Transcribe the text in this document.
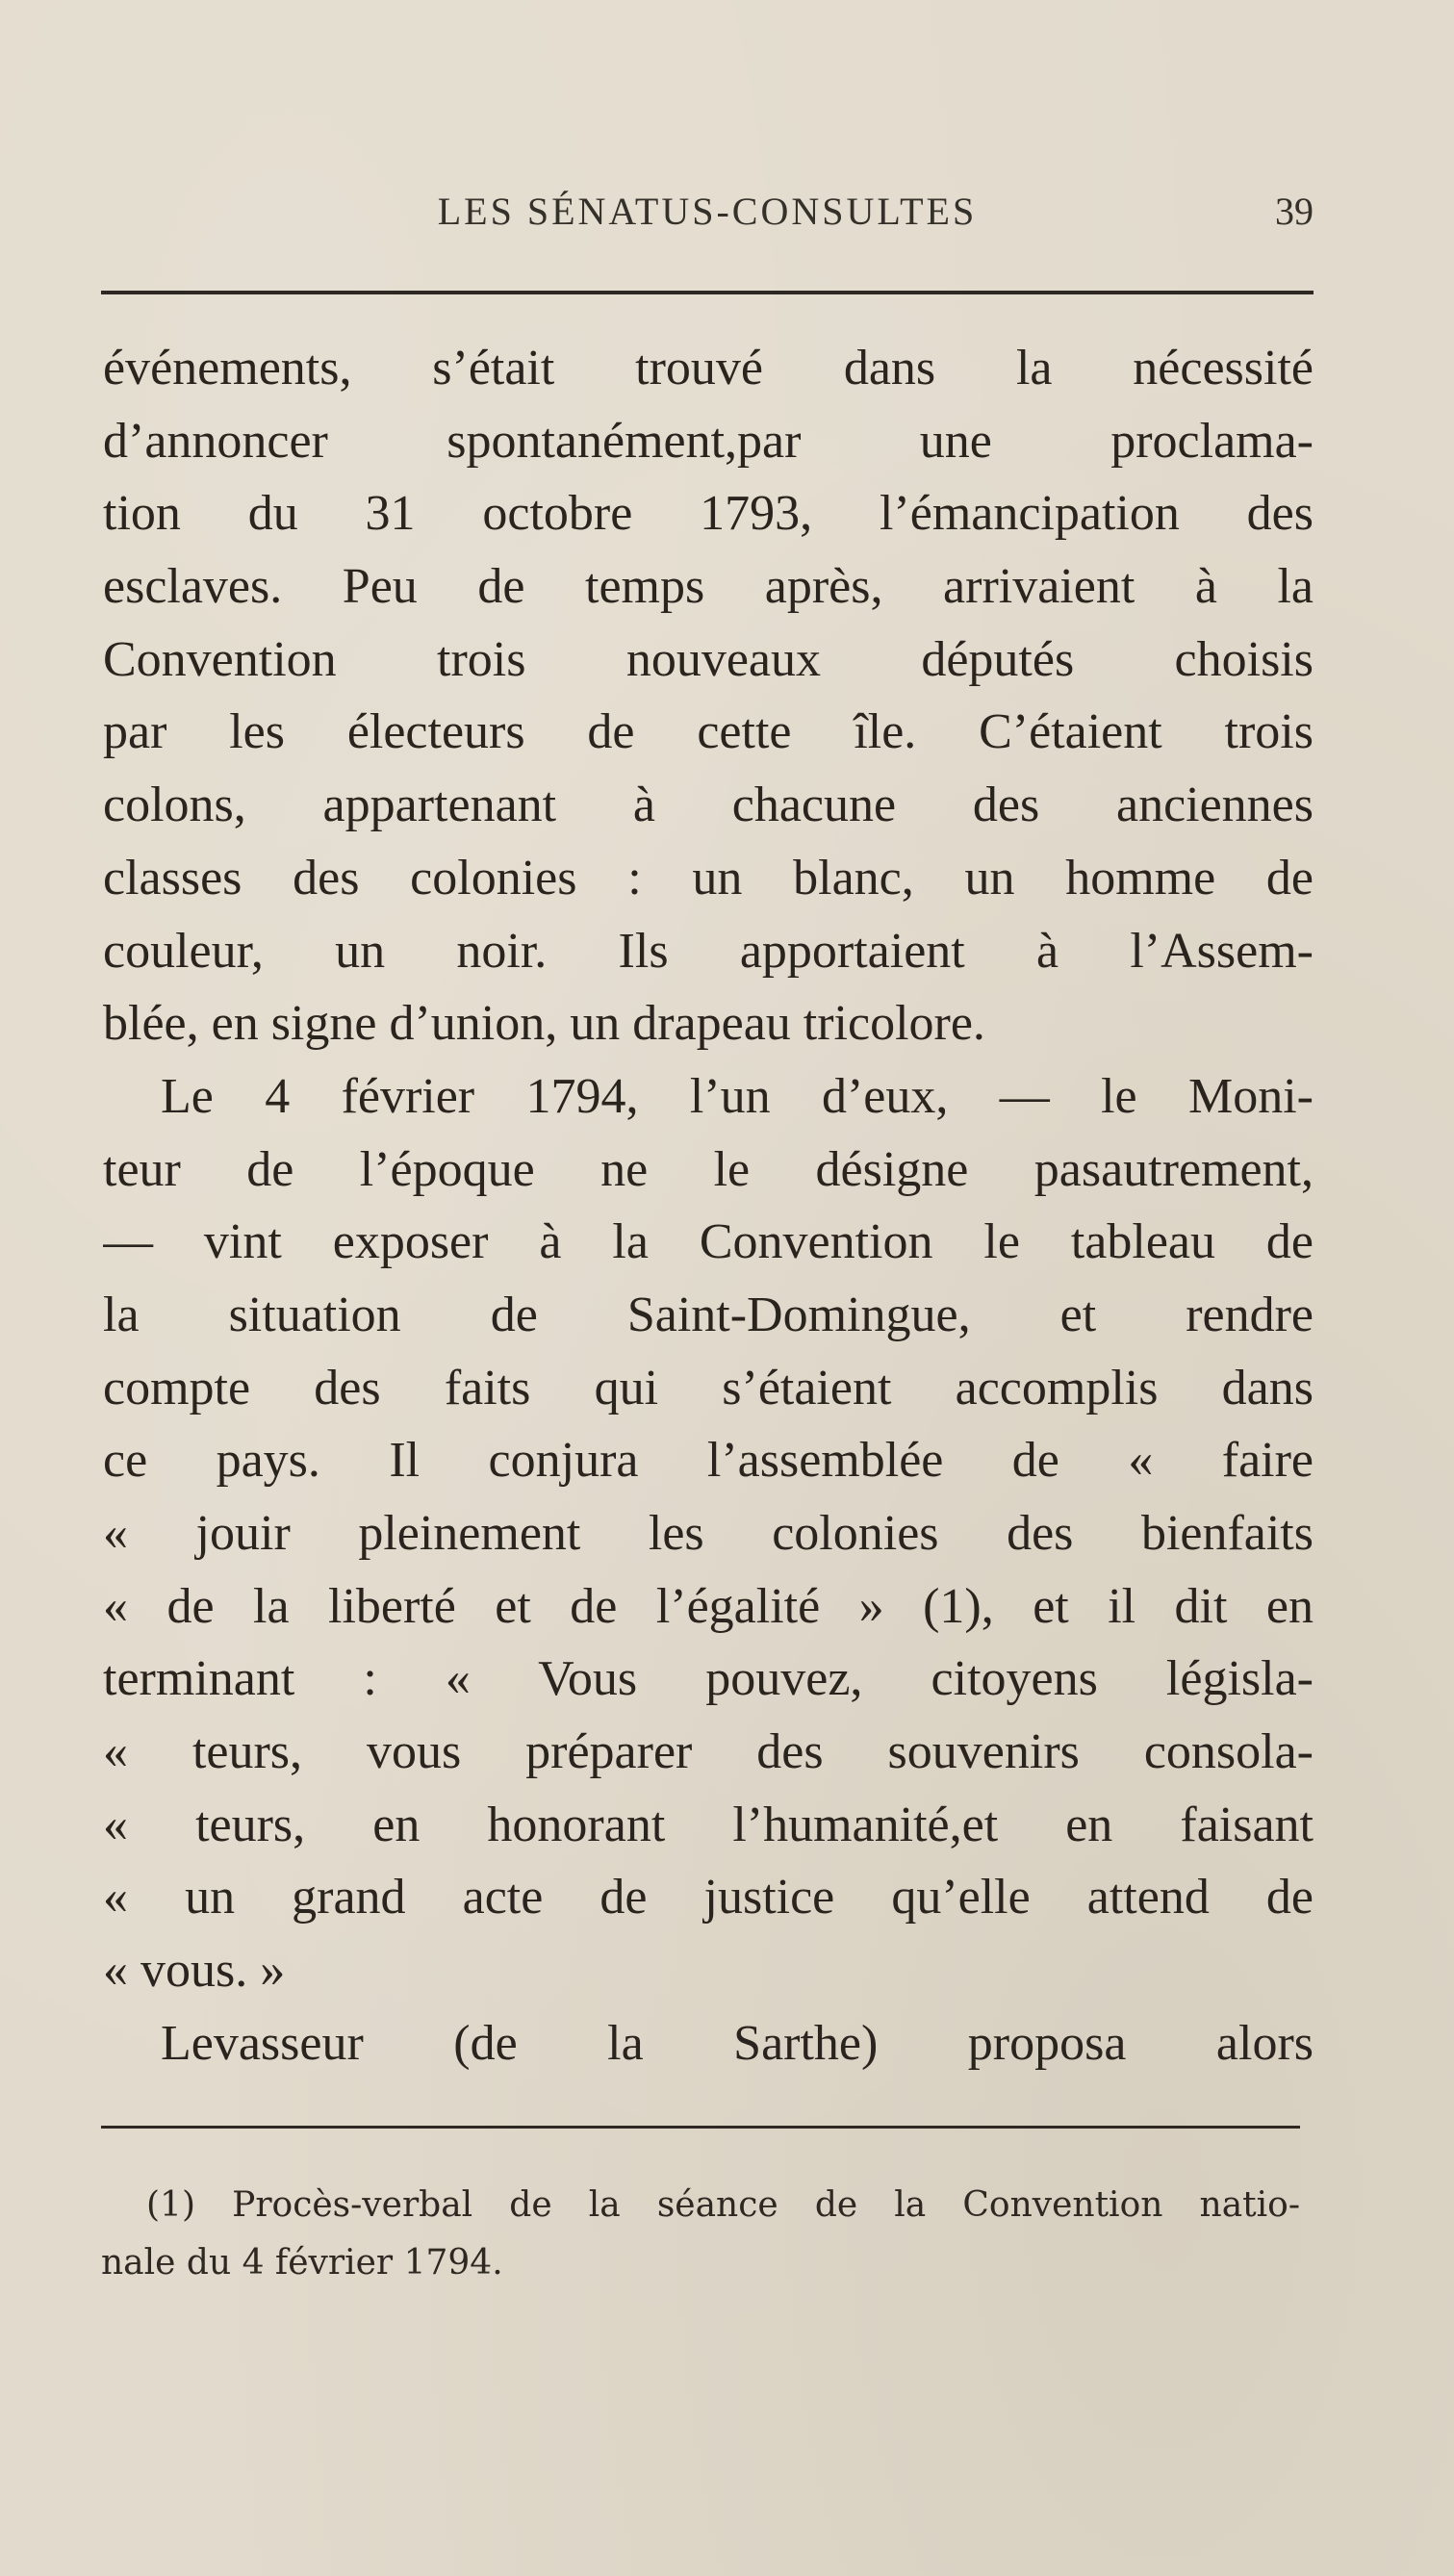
LES SÉNATUS-CONSULTES	39
événements, s’était trouvé dans la nécessité
d’annoncer spontanément,par une proclama-
tion du 31 octobre 1793, l’émancipation des
esclaves. Peu de temps après, arrivaient à la
Convention trois nouveaux députés choisis
par les électeurs de cette île. C’étaient trois
colons, appartenant à chacune des anciennes
classes des colonies : un blanc, un homme de
couleur, un noir. Ils apportaient à l’Assem-
blée, en signe d’union, un drapeau tricolore.
Le 4 février 1794, l’un d’eux, — le Moni-
teur de l’époque ne le désigne pasautrement,
— vint exposer à la Convention le tableau de
la situation de Saint-Domingue, et rendre
compte des faits qui s’étaient accomplis dans
ce pays. Il conjura l’assemblée de « faire
« jouir pleinement les colonies des bienfaits
« de la liberté et de l’égalité » (1), et il dit en
terminant : « Vous pouvez, citoyens législa-
« teurs, vous préparer des souvenirs consola-
« teurs, en honorant l’humanité,et en faisant
« un grand acte de justice qu’elle attend de
« vous. »
Levasseur (de la Sarthe) proposa alors
(1) Procès-verbal de la séance de la Convention natio-
nale du 4 février 1794.
